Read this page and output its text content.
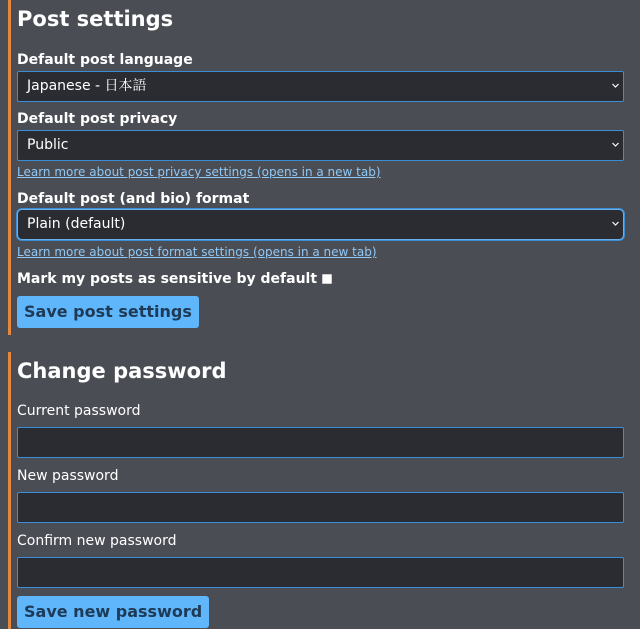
Post settings
Default post language
Japanese - 日本語
Default post privacy
Public
Learn more about post privacy settings (opens in a new tab)
Default post (and bio) format
Plain (default)
Learn more about post format settings (opens in a new tab)
Mark my posts as sensitive by default
Save post settings
Change password
Current password
New password
Confirm new password
Save new password
